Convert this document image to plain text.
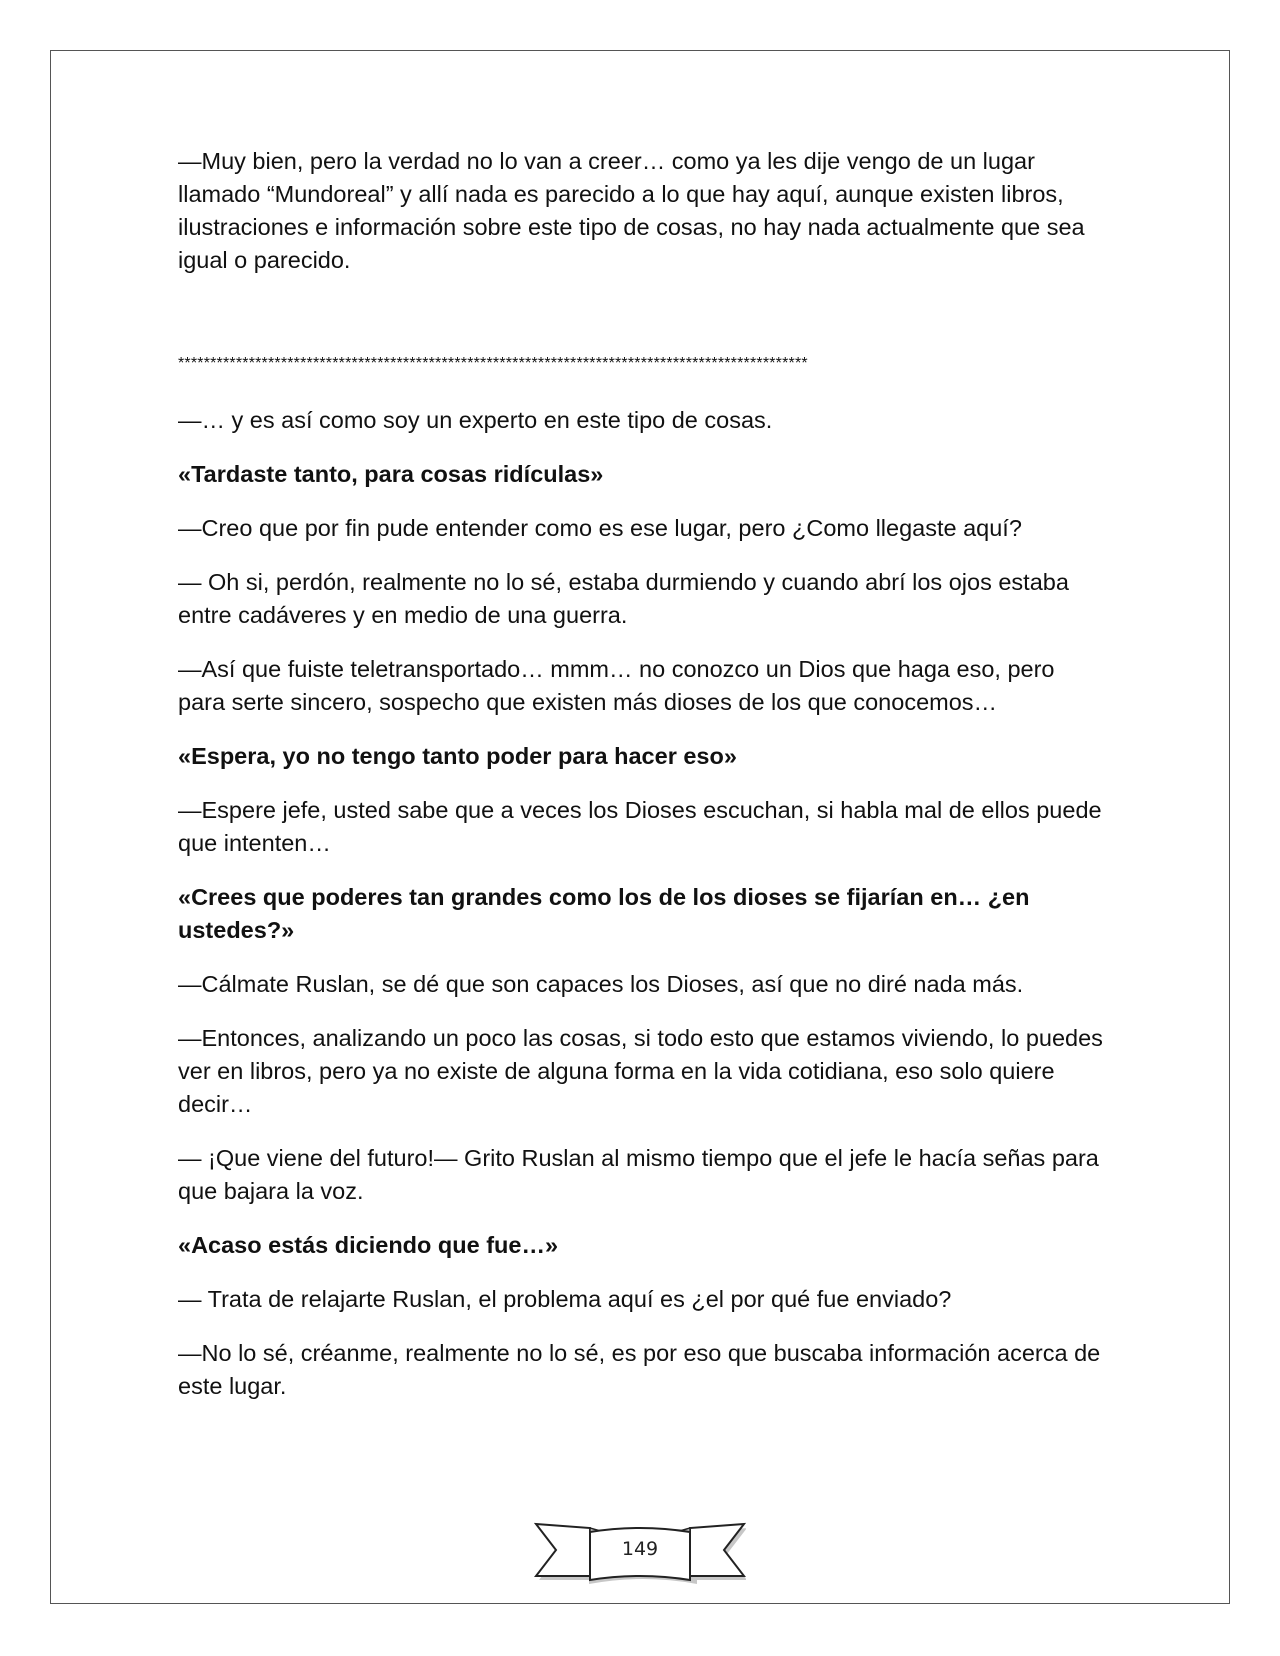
—Muy bien, pero la verdad no lo van a creer… como ya les dije vengo de un lugar llamado “Mundoreal” y allí nada es parecido a lo que hay aquí, aunque existen libros, ilustraciones e información sobre este tipo de cosas, no hay nada actualmente que sea igual o parecido.

**************************************************************************************************

—… y es así como soy un experto en este tipo de cosas.

«Tardaste tanto, para cosas ridículas»

—Creo que por fin pude entender como es ese lugar, pero ¿Como llegaste aquí?

— Oh si, perdón, realmente no lo sé, estaba durmiendo y cuando abrí los ojos estaba entre cadáveres y en medio de una guerra.

—Así que fuiste teletransportado… mmm… no conozco un Dios que haga eso, pero para serte sincero, sospecho que existen más dioses de los que conocemos…

«Espera, yo no tengo tanto poder para hacer eso»

—Espere jefe, usted sabe que a veces los Dioses escuchan, si habla mal de ellos puede que intenten…

«Crees que poderes tan grandes como los de los dioses se fijarían en… ¿en ustedes?»

—Cálmate Ruslan, se dé que son capaces los Dioses, así que no diré nada más.

—Entonces, analizando un poco las cosas, si todo esto que estamos viviendo, lo puedes ver en libros, pero ya no existe de alguna forma en la vida cotidiana, eso solo quiere decir…

— ¡Que viene del futuro!— Grito Ruslan al mismo tiempo que el jefe le hacía señas para que bajara la voz.

«Acaso estás diciendo que fue…»

— Trata de relajarte Ruslan, el problema aquí es ¿el por qué fue enviado?

—No lo sé, créanme, realmente no lo sé, es por eso que buscaba información acerca de este lugar.

149
